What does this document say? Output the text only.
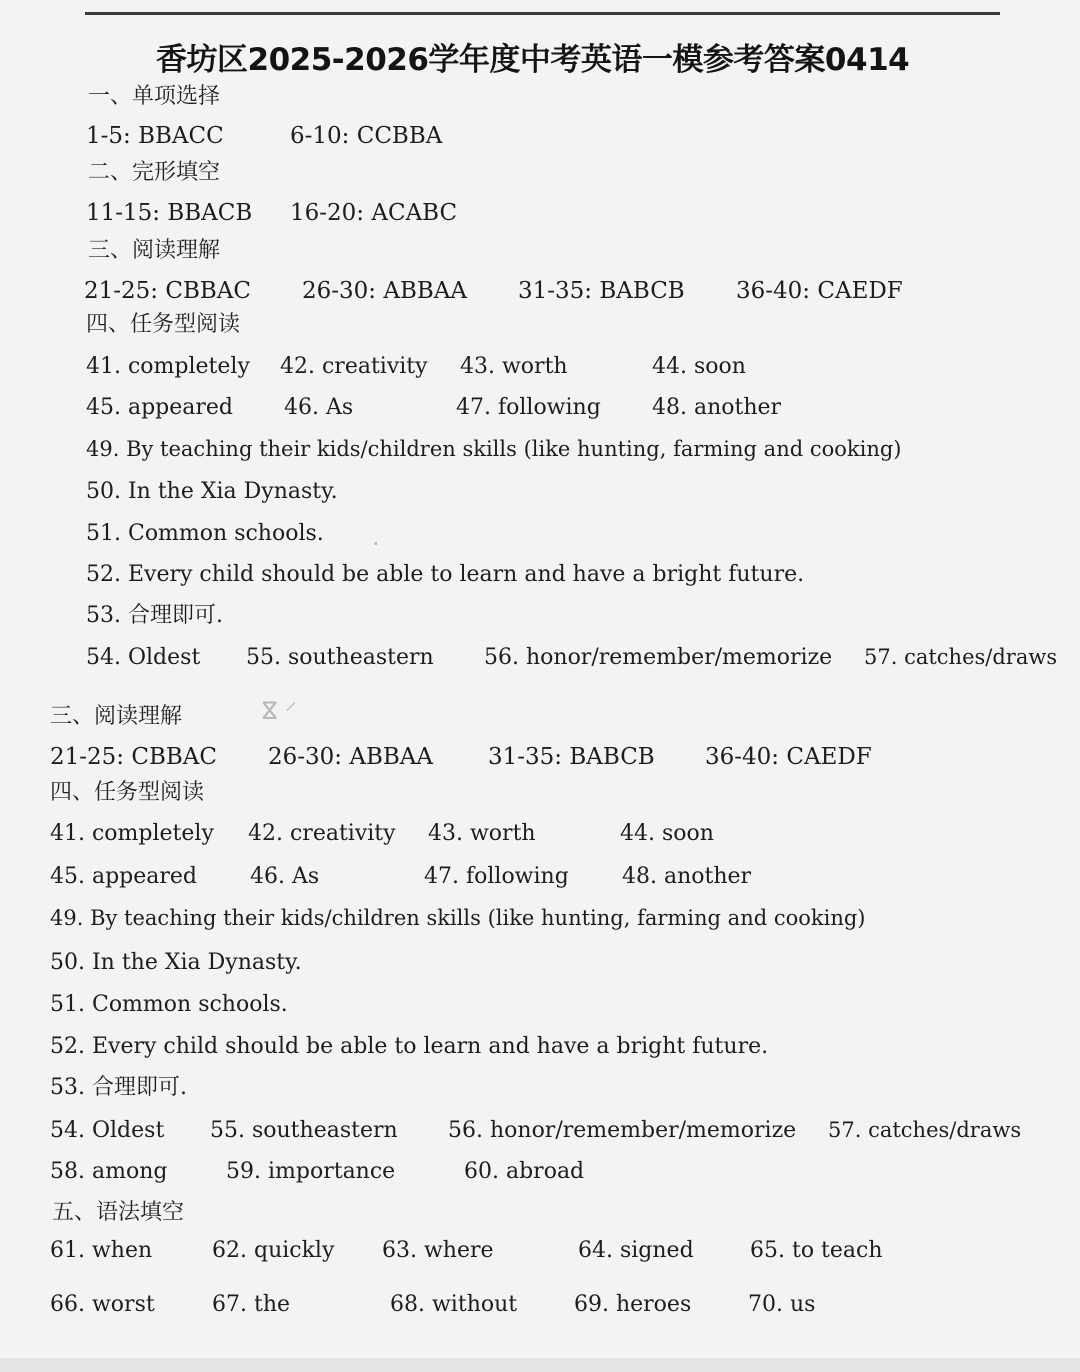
香坊区2025-2026学年度中考英语一模参考答案0414
一、单项选择
1-5: BBACC	6-10: CCBBA
二、完形填空
11-15: BBACB 16-20: ACABC
三、阅读理解
21-25: CBBAC 26-30: ABBAA 31-35: BABCB 36-40: CAEDF
四、任务型阅读
41. completely 42. creativity 43. worth	44. soon
45. appeared 46. As	47. following 48. another
49. By teaching their kids/children skills (like hunting, farming and cooking)
50. In the Xia Dynasty.
51. Common schools.
52. Every child should be able to learn and have a bright future.
53. 合理即可.
54. Oldest 55. southeastern 56. honor/remember/memorize 57. catches/draws
·
ⴵ ⸍
三、阅读理解
21-25: CBBAC 26-30: ABBAA 31-35: BABCB 36-40: CAEDF
四、任务型阅读
41. completely 42. creativity 43. worth	44. soon
45. appeared 46. As	47. following 48. another
49. By teaching their kids/children skills (like hunting, farming and cooking)
50. In the Xia Dynasty.
51. Common schools.
52. Every child should be able to learn and have a bright future.
53. 合理即可.
54. Oldest 55. southeastern 56. honor/remember/memorize 57. catches/draws
58. among	59. importance	60. abroad
五、语法填空
61. when	62. quickly 63. where	64. signed	65. to teach
66. worst	67. the	68. without	69. heroes	70. us
